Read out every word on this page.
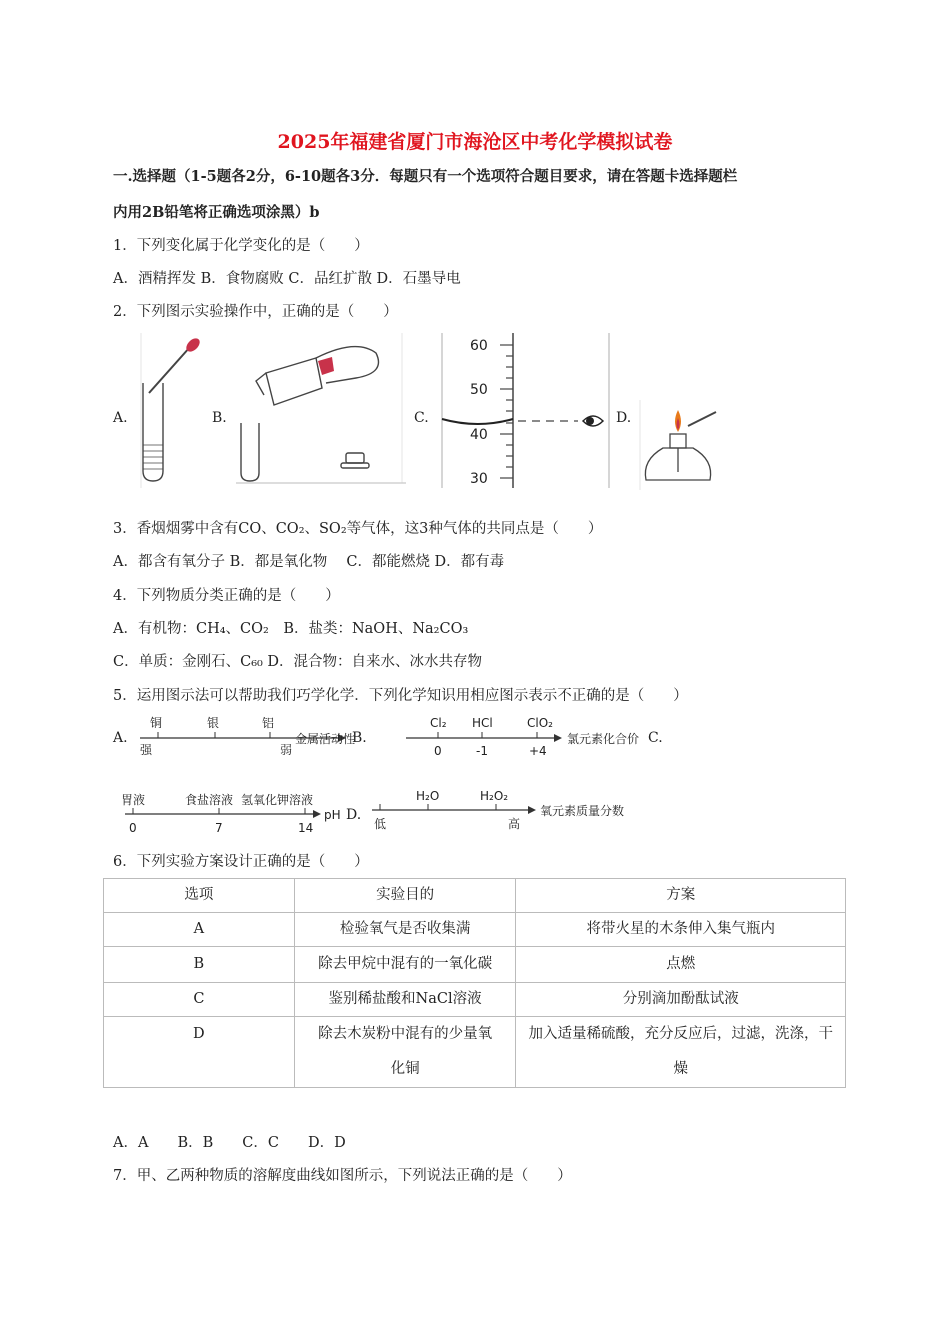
2025年福建省厦门市海沧区中考化学模拟试卷
一.选择题（1-5题各2分，6-10题各3分．每题只有一个选项符合题目要求，请在答题卡选择题栏
内用2B铅笔将正确选项涂黑）b
1．下列变化属于化学变化的是（　　）
A．酒精挥发 B．食物腐败 C．品红扩散 D．石墨导电
2．下列图示实验操作中，正确的是（　　）
A.	B.	C.
60
50
40
30
D.
3．香烟烟雾中含有CO、CO₂、SO₂等气体，这3种气体的共同点是（　　）
A．都含有氧分子 B．都是氧化物　 C．都能燃烧 D．都有毒
4．下列物质分类正确的是（　　）
A．有机物：CH₄、CO₂　B．盐类：NaOH、Na₂CO₃
C．单质：金刚石、C₆₀ D．混合物：自来水、冰水共存物
5．运用图示法可以帮助我们巧学化学．下列化学知识用相应图示表示不正确的是（　　）
A.
铜	银	铝
强	弱
金属活动性
B.
Cl₂ HCl	ClO₂
0	-1	+4
氯元素化合价 C.
胃液	食盐溶液 氢氧化钾溶液
0	7	14
pH D.
H₂O	H₂O₂
低	高
氧元素质量分数
6．下列实验方案设计正确的是（　　）
选项	实验目的	方案
A	检验氧气是否收集满	将带火星的木条伸入集气瓶内
B	除去甲烷中混有的一氧化碳	点燃
C	鉴别稀盐酸和NaCl溶液	分别滴加酚酞试液
D	除去木炭粉中混有的少量氧化铜	加入适量稀硫酸，充分反应后，过滤，洗涤，干燥
A．A　　B．B　　C．C　　D．D
7．甲、乙两种物质的溶解度曲线如图所示，下列说法正确的是（　　）
